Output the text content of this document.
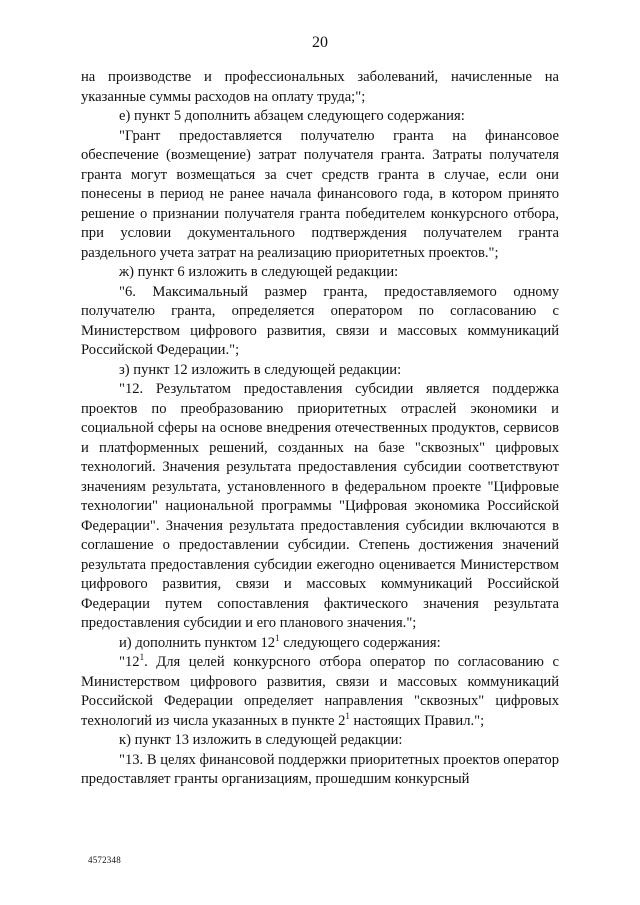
20

на производстве и профессиональных заболеваний, начисленные на указанные суммы расходов на оплату труда;";

е) пункт 5 дополнить абзацем следующего содержания:

"Грант предоставляется получателю гранта на финансовое обеспечение (возмещение) затрат получателя гранта. Затраты получателя гранта могут возмещаться за счет средств гранта в случае, если они понесены в период не ранее начала финансового года, в котором принято решение о признании получателя гранта победителем конкурсного отбора, при условии документального подтверждения получателем гранта раздельного учета затрат на реализацию приоритетных проектов.";

ж) пункт 6 изложить в следующей редакции:

"6. Максимальный размер гранта, предоставляемого одному получателю гранта, определяется оператором по согласованию с Министерством цифрового развития, связи и массовых коммуникаций Российской Федерации.";

з) пункт 12 изложить в следующей редакции:

"12. Результатом предоставления субсидии является поддержка проектов по преобразованию приоритетных отраслей экономики и социальной сферы на основе внедрения отечественных продуктов, сервисов и платформенных решений, созданных на базе "сквозных" цифровых технологий. Значения результата предоставления субсидии соответствуют значениям результата, установленного в федеральном проекте "Цифровые технологии" национальной программы "Цифровая экономика Российской Федерации". Значения результата предоставления субсидии включаются в соглашение о предоставлении субсидии. Степень достижения значений результата предоставления субсидии ежегодно оценивается Министерством цифрового развития, связи и массовых коммуникаций Российской Федерации путем сопоставления фактического значения результата предоставления субсидии и его планового значения.";

и) дополнить пунктом $12^1$ следующего содержания:

"$12^1$. Для целей конкурсного отбора оператор по согласованию с Министерством цифрового развития, связи и массовых коммуникаций Российской Федерации определяет направления "сквозных" цифровых технологий из числа указанных в пункте $2^1$ настоящих Правил.";

к) пункт 13 изложить в следующей редакции:

"13. В целях финансовой поддержки приоритетных проектов оператор предоставляет гранты организациям, прошедшим конкурсный

4572348
